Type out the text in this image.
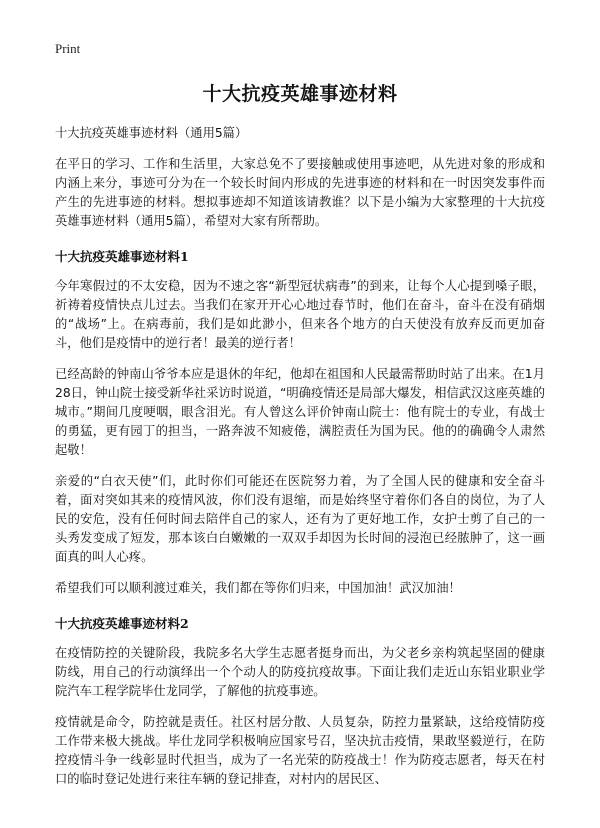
Print
十大抗疫英雄事迹材料

十大抗疫英雄事迹材料（通用5篇）

在平日的学习、工作和生活里，大家总免不了要接触或使用事迹吧，从先进对象的形成和内涵上来分，事迹可分为在一个较长时间内形成的先进事迹的材料和在一时因突发事件而产生的先进事迹的材料。想拟事迹却不知道该请教谁？以下是小编为大家整理的十大抗疫英雄事迹材料（通用5篇），希望对大家有所帮助。

十大抗疫英雄事迹材料1

今年寒假过的不太安稳，因为不速之客“新型冠状病毒”的到来，让每个人心提到嗓子眼，祈祷着疫情快点儿过去。当我们在家开开心心地过春节时，他们在奋斗，奋斗在没有硝烟的“战场”上。在病毒前，我们是如此渺小，但来各个地方的白天使没有放弃反而更加奋斗，他们是疫情中的逆行者！最美的逆行者！

已经高龄的钟南山爷爷本应是退休的年纪，他却在祖国和人民最需帮助时站了出来。在1月28日，钟山院士接受新华社采访时说道，“明确疫情还是局部大爆发，相信武汉这座英雄的城市。”期间几度哽咽，眼含泪光。有人曾这么评价钟南山院士：他有院士的专业，有战士的勇猛，更有园丁的担当，一路奔波不知疲倦，满腔责任为国为民。他的的确确令人肃然起敬！

亲爱的“白衣天使”们，此时你们可能还在医院努力着，为了全国人民的健康和安全奋斗着，面对突如其来的疫情风波，你们没有退缩，而是始终坚守着你们各自的岗位，为了人民的安危，没有任何时间去陪伴自己的家人，还有为了更好地工作，女护士剪了自己的一头秀发变成了短发，那本该白白嫩嫩的一双双手却因为长时间的浸泡已经脓肿了，这一画面真的叫人心疼。

希望我们可以顺利渡过难关，我们都在等你们归来，中国加油！武汉加油！

十大抗疫英雄事迹材料2

在疫情防控的关键阶段，我院多名大学生志愿者挺身而出，为父老乡亲构筑起坚固的健康防线，用自己的行动演绎出一个个动人的防疫抗疫故事。下面让我们走近山东铝业职业学院汽车工程学院毕仕龙同学，了解他的抗疫事迹。

疫情就是命令，防控就是责任。社区村居分散、人员复杂，防控力量紧缺，这给疫情防疫工作带来极大挑战。毕仕龙同学积极响应国家号召，坚决抗击疫情，果敢坚毅逆行，在防控疫情斗争一线彰显时代担当，成为了一名光荣的防疫战士！作为防疫志愿者，每天在村口的临时登记处进行来往车辆的登记排查，对村内的居民区、
